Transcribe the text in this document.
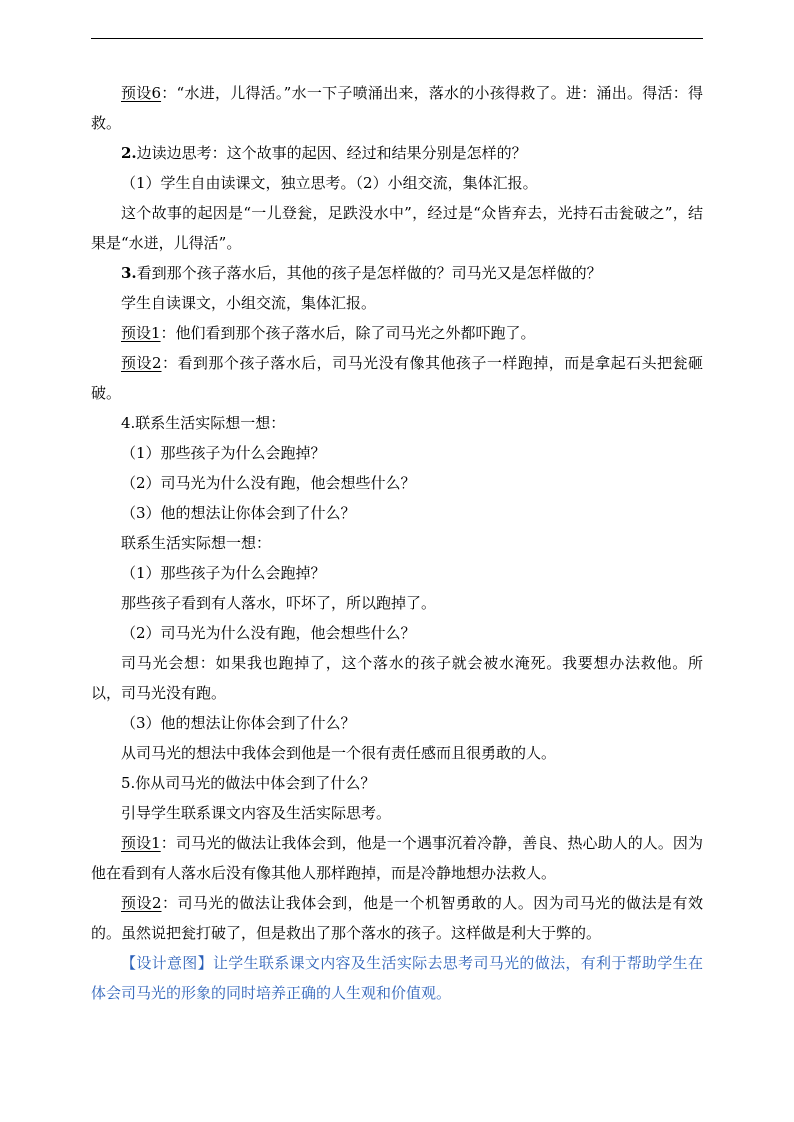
预设6：“水进，儿得活。”水一下子喷涌出来，落水的小孩得救了。进：涌出。得活：得救。

2.边读边思考：这个故事的起因、经过和结果分别是怎样的？

（1）学生自由读课文，独立思考。（2）小组交流，集体汇报。

这个故事的起因是“一儿登瓮，足跌没水中”，经过是“众皆弃去，光持石击瓮破之”，结果是“水迸，儿得活”。

3.看到那个孩子落水后，其他的孩子是怎样做的？司马光又是怎样做的？

学生自读课文，小组交流，集体汇报。

预设1：他们看到那个孩子落水后，除了司马光之外都吓跑了。

预设2：看到那个孩子落水后，司马光没有像其他孩子一样跑掉，而是拿起石头把瓮砸破。

4.联系生活实际想一想：

（1）那些孩子为什么会跑掉？

（2）司马光为什么没有跑，他会想些什么？

（3）他的想法让你体会到了什么？

联系生活实际想一想：

（1）那些孩子为什么会跑掉？

那些孩子看到有人落水，吓坏了，所以跑掉了。

（2）司马光为什么没有跑，他会想些什么？

司马光会想：如果我也跑掉了，这个落水的孩子就会被水淹死。我要想办法救他。所以，司马光没有跑。

（3）他的想法让你体会到了什么？

从司马光的想法中我体会到他是一个很有责任感而且很勇敢的人。

5.你从司马光的做法中体会到了什么？

引导学生联系课文内容及生活实际思考。

预设1：司马光的做法让我体会到，他是一个遇事沉着冷静，善良、热心助人的人。因为他在看到有人落水后没有像其他人那样跑掉，而是冷静地想办法救人。

预设2：司马光的做法让我体会到，他是一个机智勇敢的人。因为司马光的做法是有效的。虽然说把瓮打破了，但是救出了那个落水的孩子。这样做是利大于弊的。

【设计意图】让学生联系课文内容及生活实际去思考司马光的做法，有利于帮助学生在体会司马光的形象的同时培养正确的人生观和价值观。
